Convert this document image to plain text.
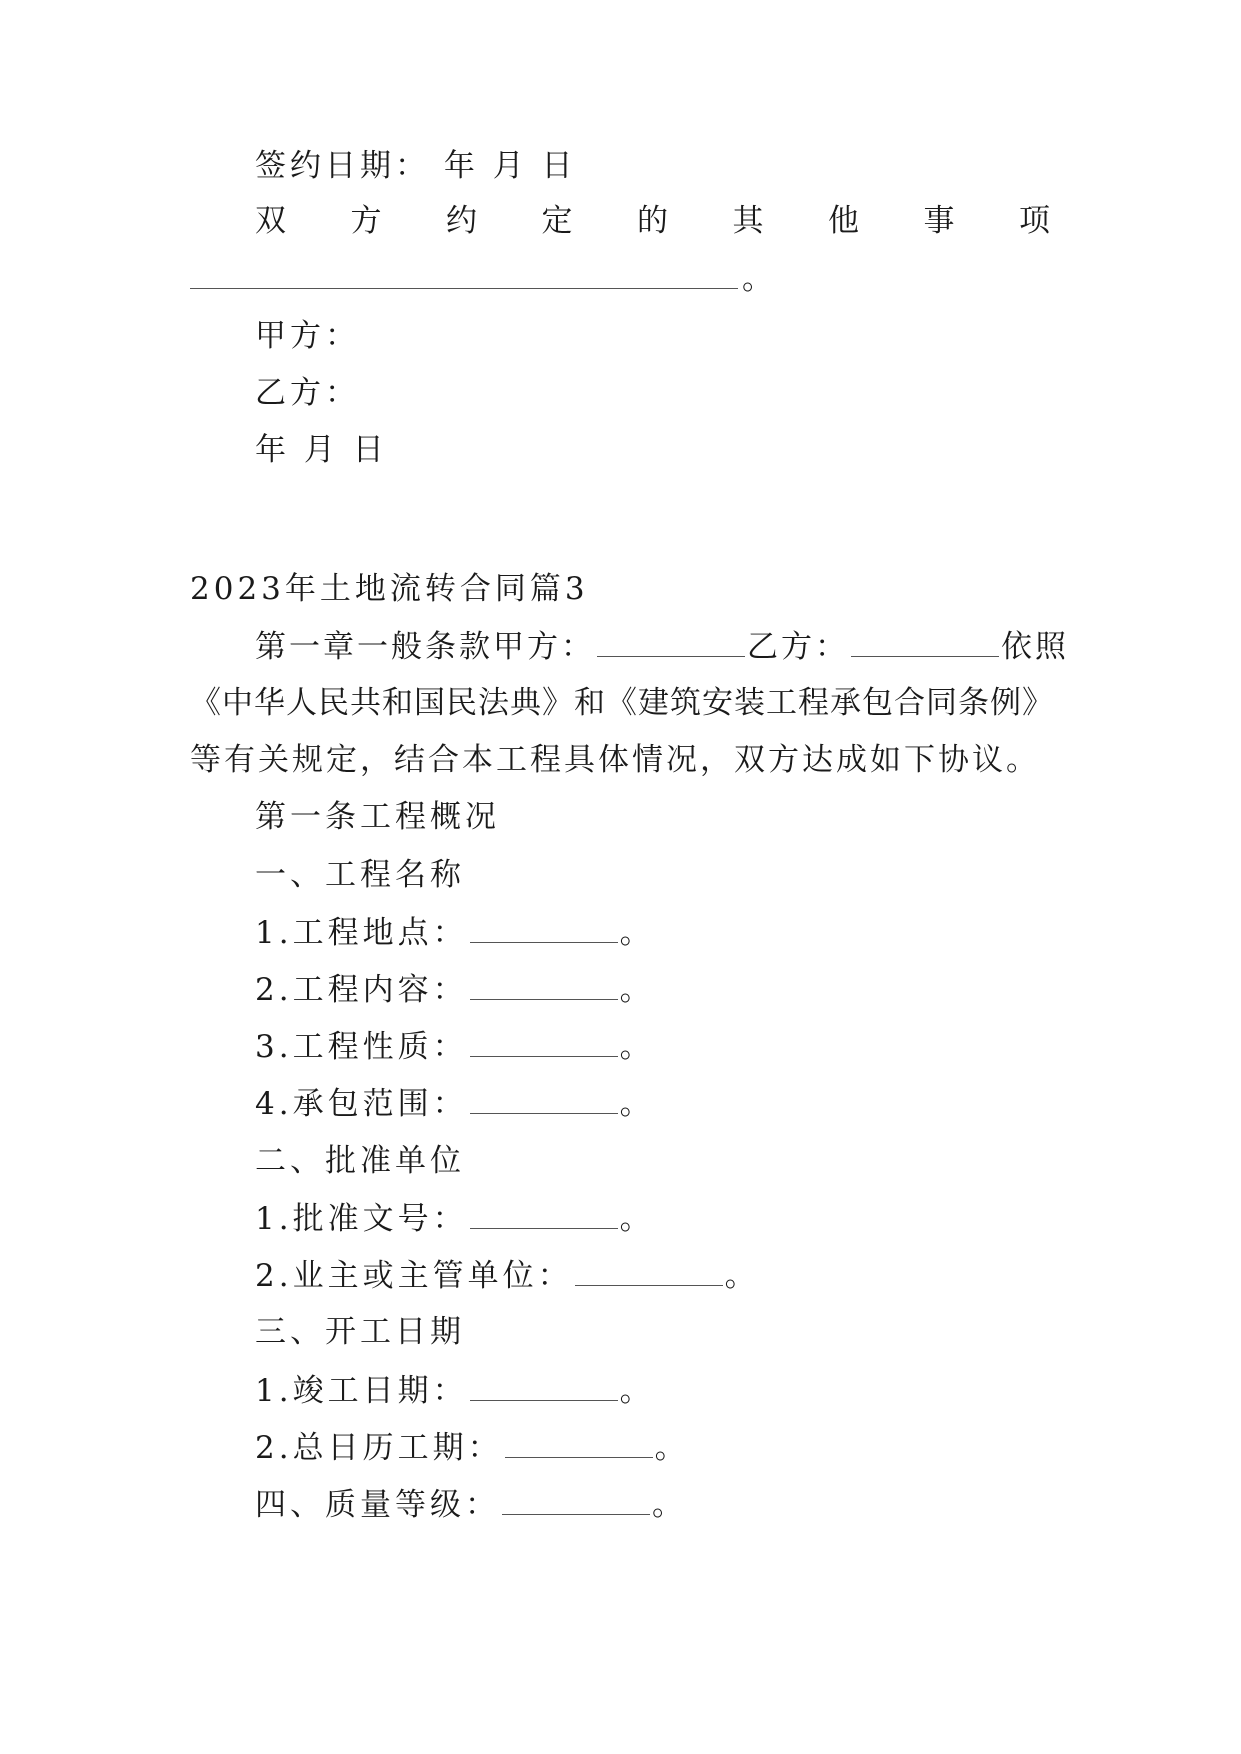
签约日期： 年 月 日
双 方 约 定 的 其 他 事 项
。
甲方：
乙方：
年 月 日
2023年土地流转合同篇3
第一章一般条款甲方：	乙方：	依照
《中华人民共和国民法典》和《建筑安装工程承包合同条例》
等有关规定，结合本工程具体情况，双方达成如下协议。
第一条工程概况
一、工程名称
1.工程地点：	。
2.工程内容：	。
3.工程性质：	。
4.承包范围：	。
二、批准单位
1.批准文号：	。
2.业主或主管单位：	。
三、开工日期
1.竣工日期：	。
2.总日历工期：	。
四、质量等级：	。
